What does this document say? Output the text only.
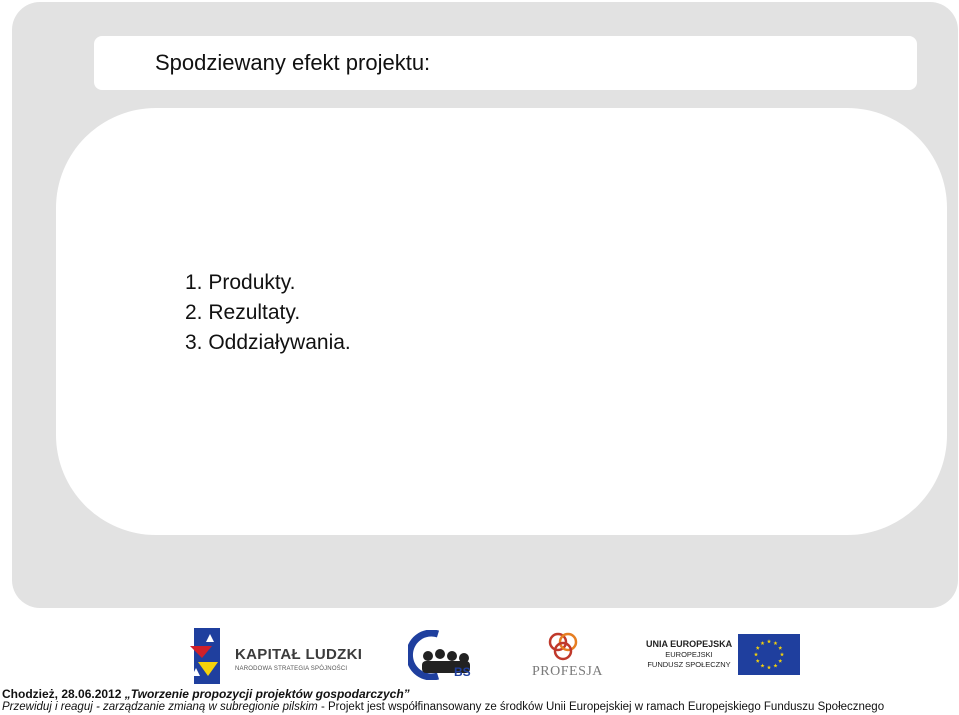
Spodziewany efekt projektu:
1. Produkty.
2. Rezultaty.
3. Oddziaływania.
KAPITAŁ LUDZKI
NARODOWA STRATEGIA SPÓJNOŚCI	BS	PROFESJA
UNIA EUROPEJSKA
EUROPEJSKI
FUNDUSZ SPOŁECZNY
Chodzież, 28.06.2012 „Tworzenie propozycji projektów gospodarczych”
Przewiduj i reaguj - zarządzanie zmianą w subregionie pilskim - Projekt jest współfinansowany ze środków Unii Europejskiej w ramach Europejskiego Funduszu Społecznego
